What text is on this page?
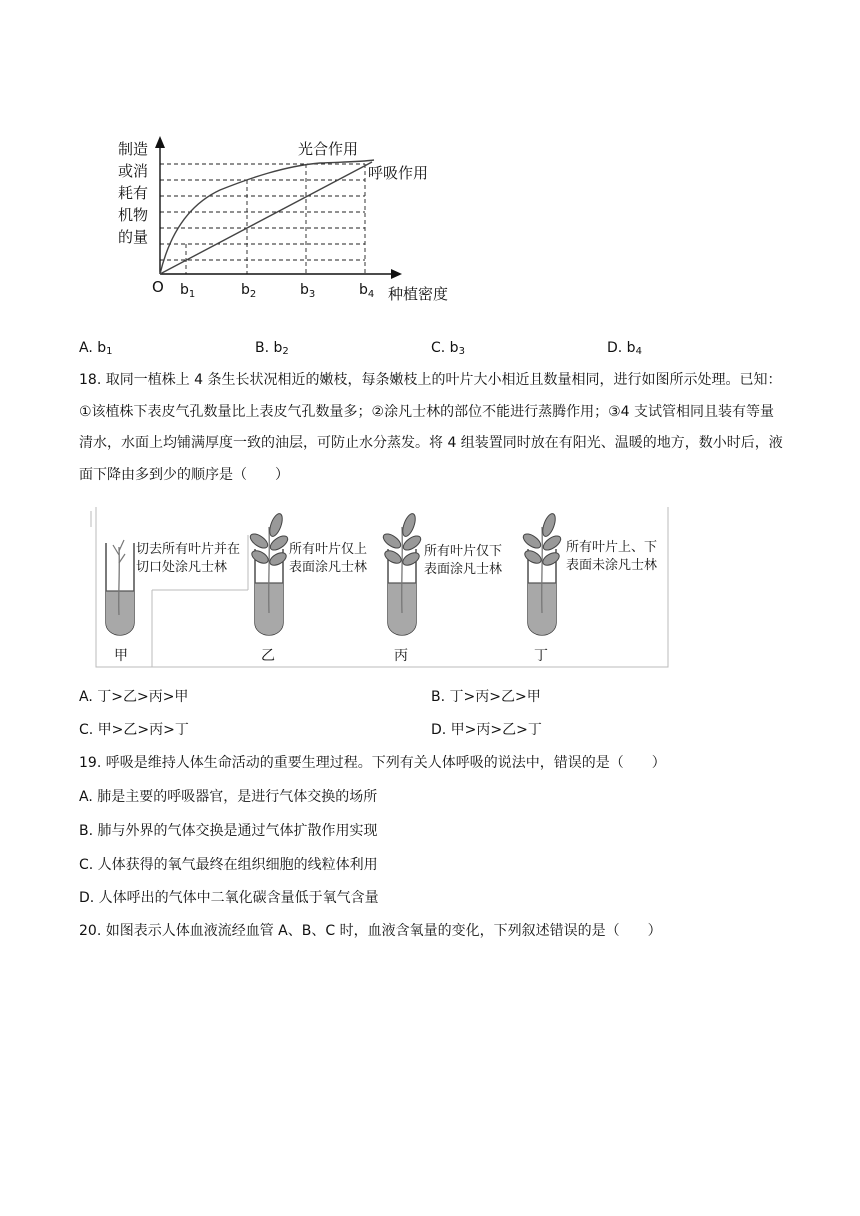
制造
或消
耗有
机物
的量
光合作用
呼吸作用
O	种植密度
$b_1$	$b_2$	$b_3$	$b_4$
A. $b_1$	B. $b_2$	C. $b_3$	D. $b_4$
18. 取同一植株上 4 条生长状况相近的嫩枝，每条嫩枝上的叶片大小相近且数量相同，进行如图所示处理。已知：①该植株下表皮气孔数量比上表皮气孔数量多；②涂凡士林的部位不能进行蒸腾作用；③4 支试管相同且装有等量清水，水面上均铺满厚度一致的油层，可防止水分蒸发。将 4 组装置同时放在有阳光、温暖的地方，数小时后，液面下降由多到少的顺序是（　　）
甲
切去所有叶片并在
切口处涂凡士林
乙
所有叶片仅上
表面涂凡士林
丙
所有叶片仅下
表面涂凡士林
丁
所有叶片上、下
表面未涂凡士林
A. 丁>乙>丙>甲	B. 丁>丙>乙>甲
C. 甲>乙>丙>丁	D. 甲>丙>乙>丁
19. 呼吸是维持人体生命活动的重要生理过程。下列有关人体呼吸的说法中，错误的是（　　）
A. 肺是主要的呼吸器官，是进行气体交换的场所
B. 肺与外界的气体交换是通过气体扩散作用实现
C. 人体获得的氧气最终在组织细胞的线粒体利用
D. 人体呼出的气体中二氧化碳含量低于氧气含量
20. 如图表示人体血液流经血管 A、B、C 时，血液含氧量的变化，下列叙述错误的是（　　）
